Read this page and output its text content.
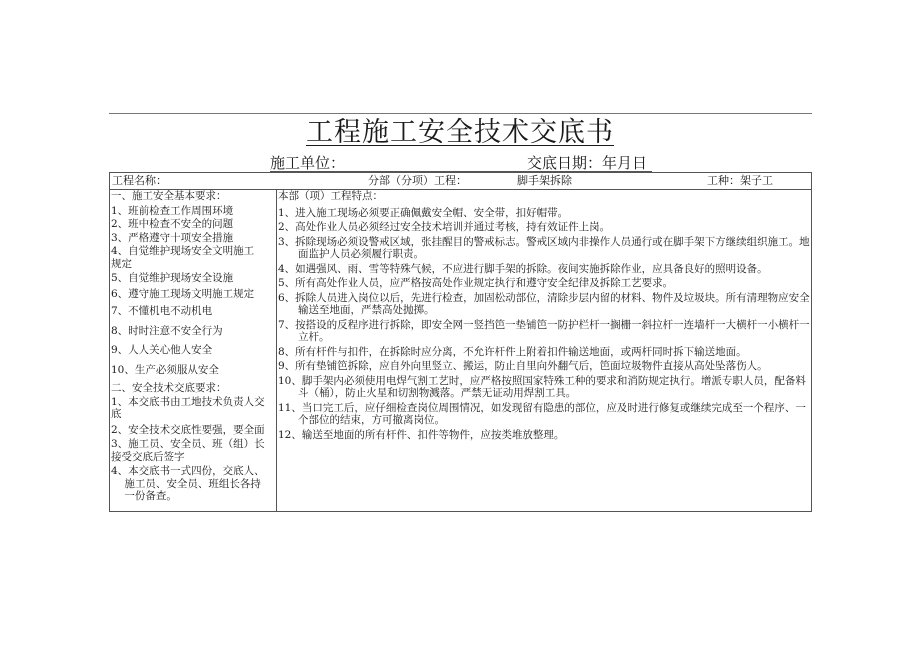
工程施工安全技术交底书
施工单位：	交底日期：年月日
工程名称：	分部（分项）工程：	脚手架拆除	工种：架子工
一、施工安全基本要求：
1、班前检查工作周围环境
2、班中检查不安全的问题
3、严格遵守十项安全措施
4、自觉维护现场安全文明施工
规定
5、自觉维护现场安全设施
6、遵守施工现场文明施工规定
7、不懂机电不动机电
8、时时注意不安全行为
9、人人关心他人安全
10、生产必须服从安全
二、安全技术交底要求：
1、本交底书由工地技术负责人交
底
2、安全技术交底性要强，要全面
3、施工员、安全员、班（组）长
接受交底后签字
4、本交底书一式四份，交底人、
施工员、安全员、班组长各持
一份备查。
本部（项）工程特点：
1、进入施工现场必须要正确佩戴安全帽、安全带，扣好帽带。
2、高处作业人员必须经过安全技术培训并通过考核，持有效证件上岗。
3、拆除现场必须设警戒区域，张挂醒目的警戒标志。警戒区域内非操作人员通行或在脚手架下方继续组织施工。地面监护人员必须履行职责。
4、如遇强风、雨、雪等特殊气候，不应进行脚手架的拆除。夜间实施拆除作业，应具备良好的照明设备。
5、所有高处作业人员，应严格按高处作业规定执行和遵守安全纪律及拆除工艺要求。
6、拆除人员进入岗位以后，先进行检查，加固松动部位，清除步层内留的材料、物件及垃圾块。所有清理物应安全输送至地面，严禁高处抛掷。
7、按搭设的反程序进行拆除，即安全网一竖挡笆一垫铺笆一防护栏杆一搁栅一斜拉杆一连墙杆一大横杆一小横杆一立杆。
8、所有杆件与扣件，在拆除时应分离，不允许杆件上附着扣件输送地面，或两杆同时拆下输送地面。
9、所有垫铺笆拆除，应自外向里竖立、搬运，防止自里向外翻气后，笆面垃圾物件直接从高处坠落伤人。
10、脚手架内必须使用电焊气割工艺时，应严格按照国家特殊工种的要求和消防规定执行。增派专职人员，配备料斗（桶），防止火星和切割物溅落。严禁无证动用焊割工具。
11、当口完工后，应仔细检查岗位周围情况，如发现留有隐患的部位，应及时进行修复或继续完成至一个程序、一个部位的结束，方可撤离岗位。
12、输送至地面的所有杆件、扣件等物件，应按类堆放整理。
